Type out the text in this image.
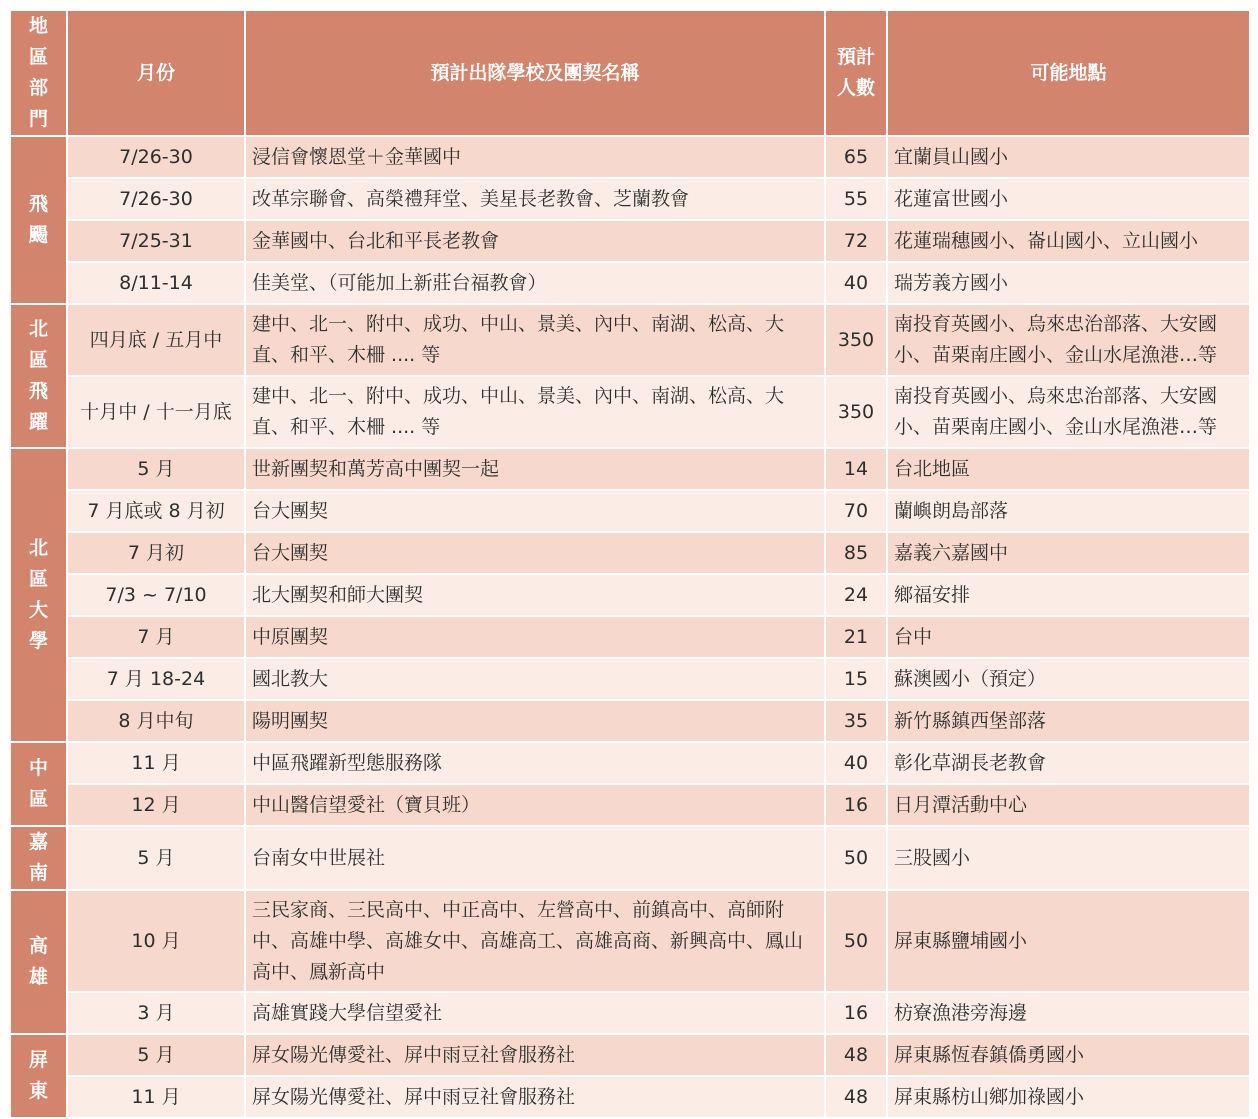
地區部門	月份	預計出隊學校及團契名稱	預計人數	可能地點
飛颺	7/26-30	浸信會懷恩堂＋金華國中	65	宜蘭員山國小
	7/26-30	改革宗聯會、高榮禮拜堂、美星長老教會、芝蘭教會	55	花蓮富世國小
	7/25-31	金華國中、台北和平長老教會	72	花蓮瑞穗國小、崙山國小、立山國小
	8/11-14	佳美堂、（可能加上新莊台福教會）	40	瑞芳義方國小
北區飛躍	四月底 / 五月中	建中、北一、附中、成功、中山、景美、內中、南湖、松高、大直、和平、木柵 .... 等	350	南投育英國小、烏來忠治部落、大安國小、苗栗南庄國小、金山水尾漁港…等
	十月中 / 十一月底	建中、北一、附中、成功、中山、景美、內中、南湖、松高、大直、和平、木柵 .... 等	350	南投育英國小、烏來忠治部落、大安國小、苗栗南庄國小、金山水尾漁港…等
北區大學	5 月	世新團契和萬芳高中團契一起	14	台北地區
	7 月底或 8 月初	台大團契	70	蘭嶼朗島部落
	7 月初	台大團契	85	嘉義六嘉國中
	7/3 ~ 7/10	北大團契和師大團契	24	鄉福安排
	7 月	中原團契	21	台中
	7 月 18-24	國北教大	15	蘇澳國小（預定）
	8 月中旬	陽明團契	35	新竹縣鎮西堡部落
中區	11 月	中區飛躍新型態服務隊	40	彰化草湖長老教會
	12 月	中山醫信望愛社（寶貝班）	16	日月潭活動中心
嘉南	5 月	台南女中世展社	50	三股國小
高雄	10 月	三民家商、三民高中、中正高中、左營高中、前鎮高中、高師附中、高雄中學、高雄女中、高雄高工、高雄高商、新興高中、鳳山高中、鳳新高中	50	屏東縣鹽埔國小
	3 月	高雄實踐大學信望愛社	16	枋寮漁港旁海邊
屏東	5 月	屏女陽光傳愛社、屏中雨豆社會服務社	48	屏東縣恆春鎮僑勇國小
	11 月	屏女陽光傳愛社、屏中雨豆社會服務社	48	屏東縣枋山鄉加祿國小
